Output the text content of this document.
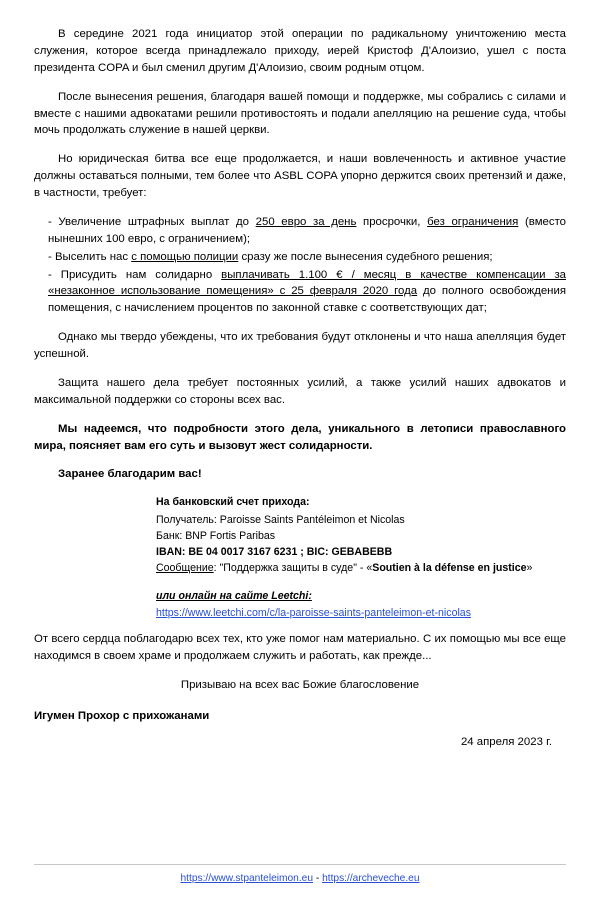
В середине 2021 года инициатор этой операции по радикальному уничтожению места служения, которое всегда принадлежало приходу, иерей Кристоф Д'Алоизио, ушел с поста президента COPA и был сменил другим Д'Алоизио, своим родным отцом.

После вынесения решения, благодаря вашей помощи и поддержке, мы собрались с силами и вместе с нашими адвокатами решили противостоять и подали апелляцию на решение суда, чтобы мочь продолжать служение в нашей церкви.

Но юридическая битва все еще продолжается, и наши вовлеченность и активное участие должны оставаться полными, тем более что ASBL COPA упорно держится своих претензий и даже, в частности, требует:

- Увеличение штрафных выплат до 250 евро за день просрочки, без ограничения (вместо нынешних 100 евро, с ограничением);
- Выселить нас с помощью полиции сразу же после вынесения судебного решения;
- Присудить нам солидарно выплачивать 1.100 € / месяц в качестве компенсации за «незаконное использование помещения» с 25 февраля 2020 года до полного освобождения помещения, с начислением процентов по законной ставке с соответствующих дат;

Однако мы твердо убеждены, что их требования будут отклонены и что наша апелляция будет успешной.

Защита нашего дела требует постоянных усилий, а также усилий наших адвокатов и максимальной поддержки со стороны всех вас.

Мы надеемся, что подробности этого дела, уникального в летописи православного мира, поясняет вам его суть и вызовут жест солидарности.

Заранее благодарим вас!

На банковский счет прихода:
Получатель: Paroisse Saints Pantéleimon et Nicolas
Банк: BNP Fortis Paribas
IBAN: BE 04 0017 3167 6231 ; BIC: GEBABEBB
Сообщение: "Поддержка защиты в суде" - «Soutien à la défense en justice»
или онлайн на сайте Leetchi:
https://www.leetchi.com/c/la-paroisse-saints-panteleimon-et-nicolas

От всего сердца поблагодарю всех тех, кто уже помог нам материально. С их помощью мы все еще находимся в своем храме и продолжаем служить и работать, как прежде...

Призываю на всех вас Божие благословение
Игумен Прохор с прихожанами
24 апреля 2023 г.
https://www.stpanteleimon.eu - https://archeveche.eu
